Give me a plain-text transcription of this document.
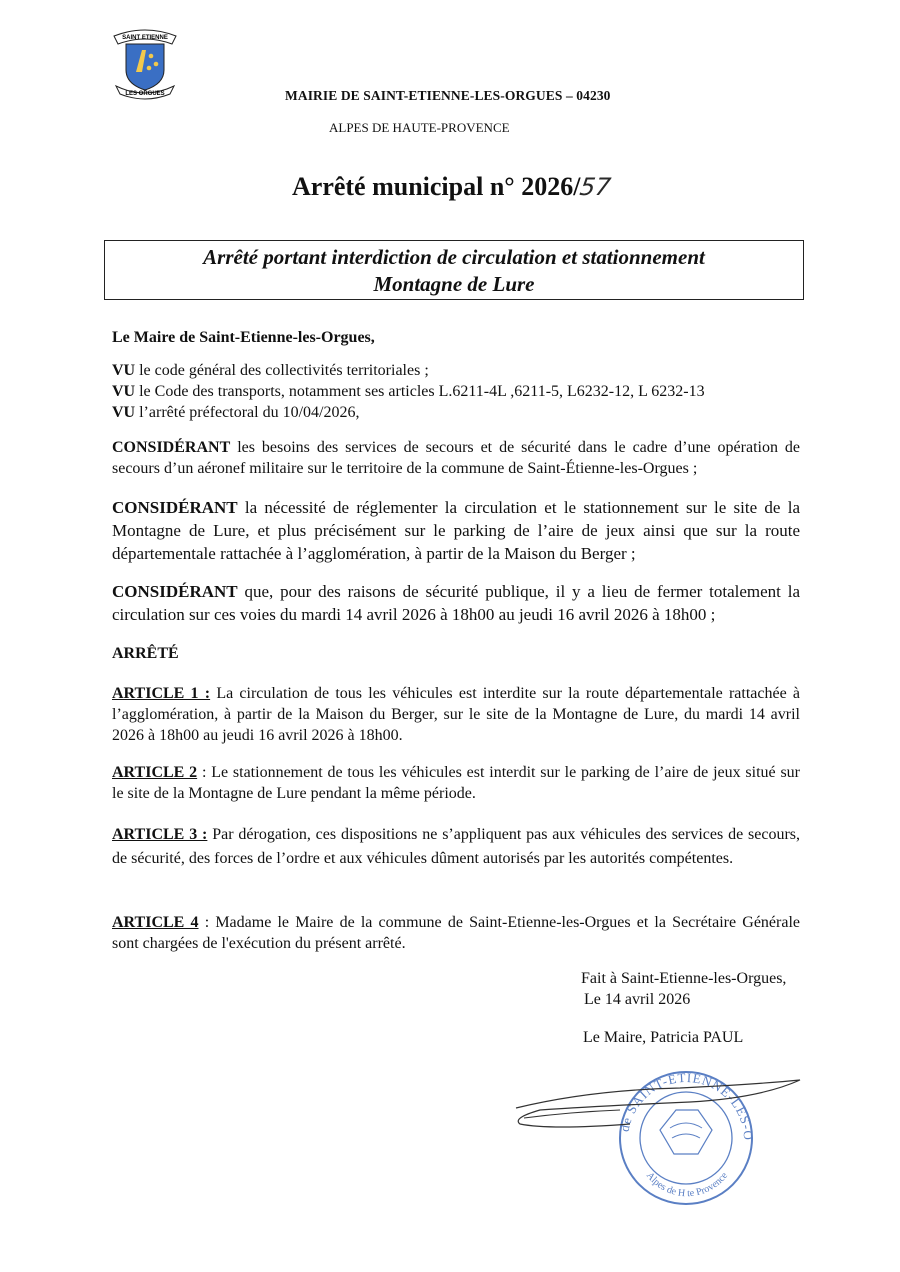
SAINT ETIENNE
LES ORGUES	MAIRIE DE SAINT-ETIENNE-LES-ORGUES – 04230
ALPES DE HAUTE-PROVENCE
Arrêté municipal n° 2026/57
Arrêté portant interdiction de circulation et stationnement
Montagne de Lure
Le Maire de Saint-Etienne-les-Orgues,
VU le code général des collectivités territoriales ;
VU le Code des transports, notamment ses articles L.6211-4L ,6211-5, L6232-12, L 6232-13
VU l’arrêté préfectoral du 10/04/2026,
CONSIDÉRANT les besoins des services de secours et de sécurité dans le cadre d’une opération de secours d’un aéronef militaire sur le territoire de la commune de Saint-Étienne-les-Orgues ;
CONSIDÉRANT la nécessité de réglementer la circulation et le stationnement sur le site de la Montagne de Lure, et plus précisément sur le parking de l’aire de jeux ainsi que sur la route départementale rattachée à l’agglomération, à partir de la Maison du Berger ;
CONSIDÉRANT que, pour des raisons de sécurité publique, il y a lieu de fermer totalement la circulation sur ces voies du mardi 14 avril 2026 à 18h00 au jeudi 16 avril 2026 à 18h00 ;
ARRÊTÉ
ARTICLE 1 : La circulation de tous les véhicules est interdite sur la route départementale rattachée à l’agglomération, à partir de la Maison du Berger, sur le site de la Montagne de Lure, du mardi 14 avril 2026 à 18h00 au jeudi 16 avril 2026 à 18h00.
ARTICLE 2 : Le stationnement de tous les véhicules est interdit sur le parking de l’aire de jeux situé sur le site de la Montagne de Lure pendant la même période.
ARTICLE 3 : Par dérogation, ces dispositions ne s’appliquent pas aux véhicules des services de secours, de sécurité, des forces de l’ordre et aux véhicules dûment autorisés par les autorités compétentes.
ARTICLE 4 : Madame le Maire de la commune de Saint-Etienne-les-Orgues et la Secrétaire Générale sont chargées de l'exécution du présent arrêté.
Fait à Saint-Etienne-les-Orgues,
Le 14 avril 2026
Le Maire, Patricia PAUL
de SAINT-ETIENNE-LES-O
Alpes de H te Provence
